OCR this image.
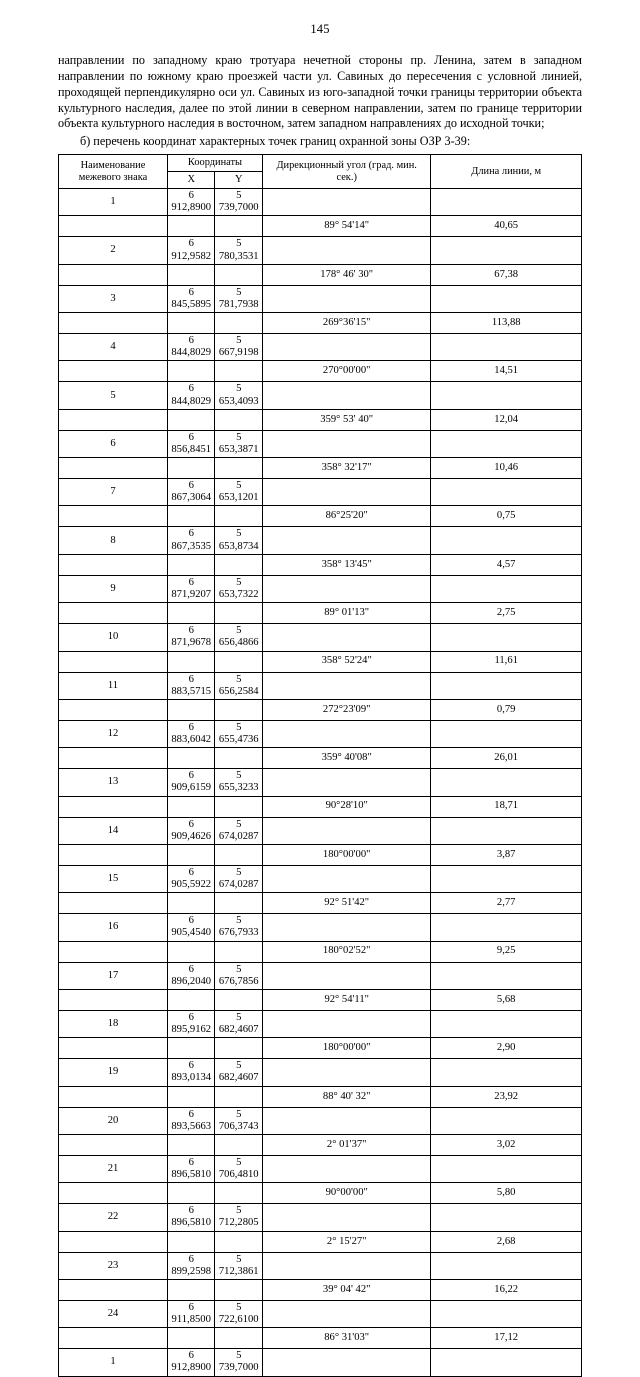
145

направлении по западному краю тротуара нечетной стороны пр. Ленина, затем в западном направлении по южному краю проезжей части ул. Савиных до пересечения с условной линией, проходящей перпендикулярно оси ул. Савиных из юго-западной точки границы территории объекта культурного наследия, далее по этой линии в северном направлении, затем по границе территории объекта культурного наследия в восточном, затем западном направлениях до исходной точки;

б) перечень координат характерных точек границ охранной зоны ОЗР 3-39:

Наименование межевого знака	Координаты		Дирекционный угол (град. мин. сек.)	Длина линии, м
	X	Y		
1	6 912,8900	5 739,7000		
			89° 54'14"	40,65
2	6 912,9582	5 780,3531		
			178° 46' 30"	67,38
3	6 845,5895	5 781,7938		
			269°36'15"	113,88
4	6 844,8029	5 667,9198		
			270°00'00"	14,51
5	6 844,8029	5 653,4093		
			359° 53' 40"	12,04
6	6 856,8451	5 653,3871		
			358° 32'17"	10,46
7	6 867,3064	5 653,1201		
			86°25'20"	0,75
8	6 867,3535	5 653,8734		
			358° 13'45"	4,57
9	6 871,9207	5 653,7322		
			89° 01'13"	2,75
10	6 871,9678	5 656,4866		
			358° 52'24"	11,61
11	6 883,5715	5 656,2584		
			272°23'09"	0,79
12	6 883,6042	5 655,4736		
			359° 40'08"	26,01
13	6 909,6159	5 655,3233		
			90°28'10"	18,71
14	6 909,4626	5 674,0287		
			180°00'00"	3,87
15	6 905,5922	5 674,0287		
			92° 51'42"	2,77
16	6 905,4540	5 676,7933		
			180°02'52"	9,25
17	6 896,2040	5 676,7856		
			92° 54'11"	5,68
18	6 895,9162	5 682,4607		
			180°00'00"	2,90
19	6 893,0134	5 682,4607		
			88° 40' 32"	23,92
20	6 893,5663	5 706,3743		
			2° 01'37"	3,02
21	6 896,5810	5 706,4810		
			90°00'00"	5,80
22	6 896,5810	5 712,2805		
			2° 15'27"	2,68
23	6 899,2598	5 712,3861		
			39° 04' 42"	16,22
24	6 911,8500	5 722,6100		
			86° 31'03"	17,12
1	6 912,8900	5 739,7000		
